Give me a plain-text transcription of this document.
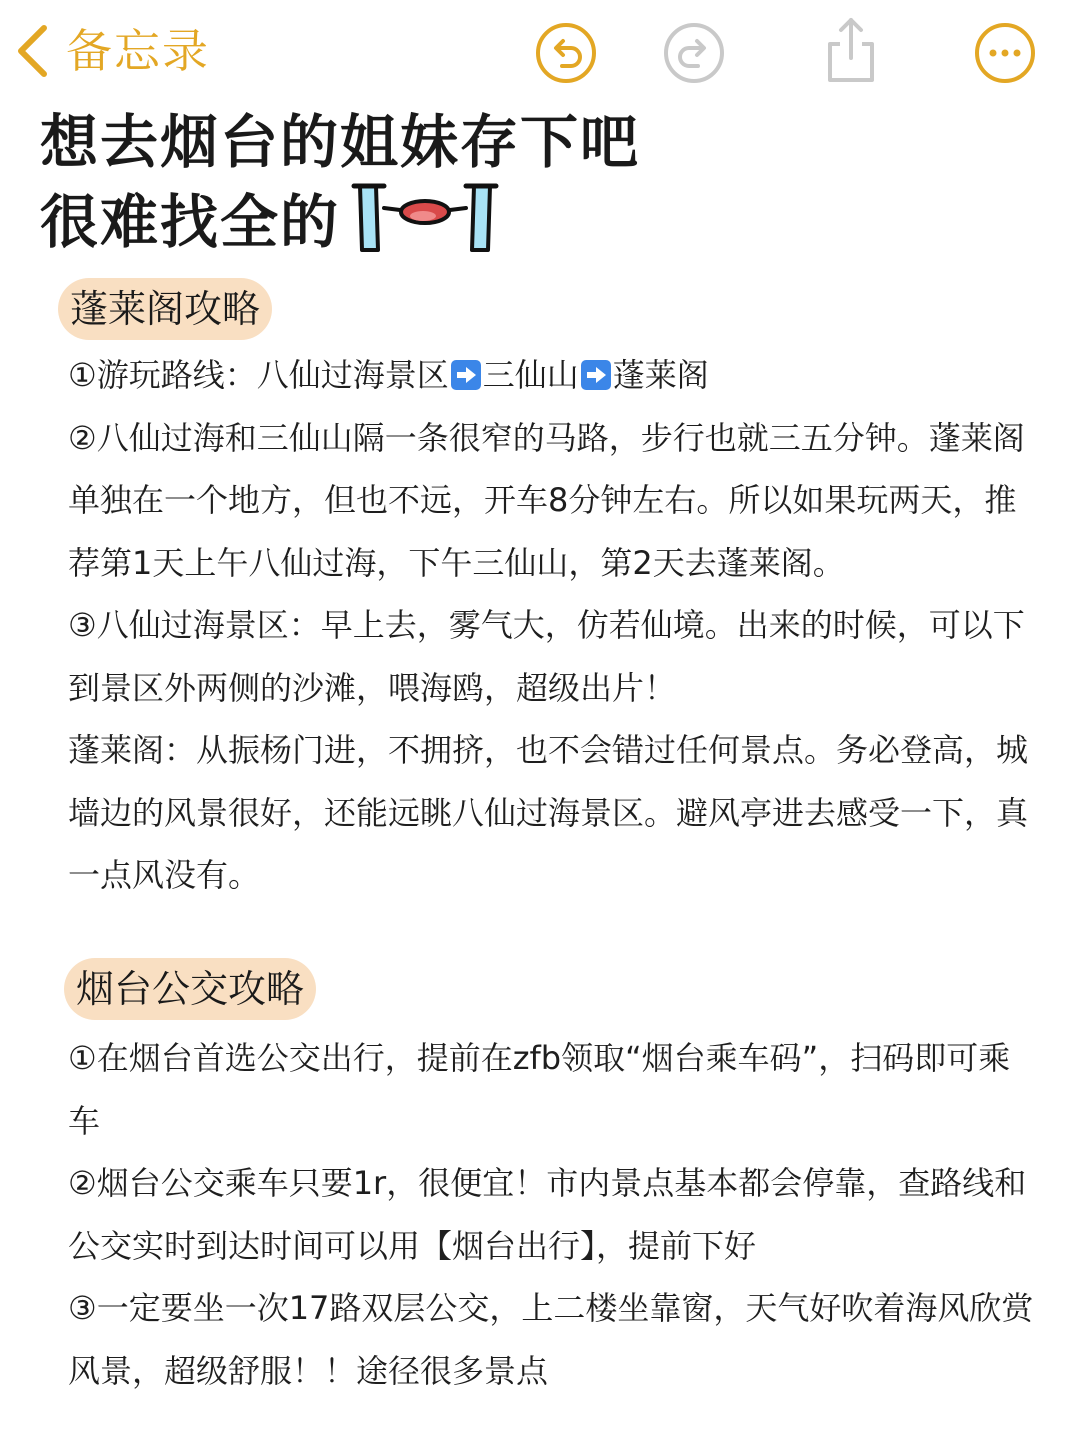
备忘录
想去烟台的姐妹存下吧
很难找全的
蓬莱阁攻略

①游玩路线：八仙过海景区 三仙山 蓬莱阁

②八仙过海和三仙山隔一条很窄的马路，步行也就三五分钟。蓬莱阁单独在一个地方，但也不远，开车8分钟左右。所以如果玩两天，推荐第1天上午八仙过海，下午三仙山，第2天去蓬莱阁。

③八仙过海景区：早上去，雾气大，仿若仙境。出来的时候，可以下到景区外两侧的沙滩，喂海鸥，超级出片！

蓬莱阁：从振杨门进，不拥挤，也不会错过任何景点。务必登高，城墙边的风景很好，还能远眺八仙过海景区。避风亭进去感受一下，真一点风没有。

烟台公交攻略

①在烟台首选公交出行，提前在zfb领取“烟台乘车码”，扫码即可乘车

②烟台公交乘车只要1r，很便宜！市内景点基本都会停靠，查路线和公交实时到达时间可以用【烟台出行】，提前下好

③一定要坐一次17路双层公交，上二楼坐靠窗，天气好吹着海风欣赏风景，超级舒服！！途径很多景点
